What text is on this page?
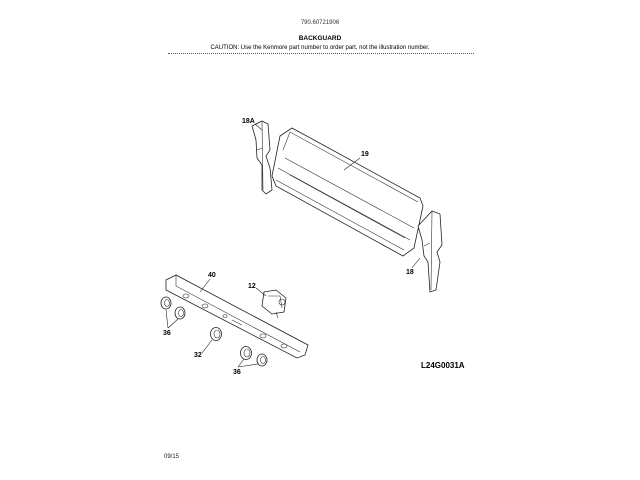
790.60721906
BACKGUARD
CAUTION: Use the Kenmore part number to order part, not the illustration number.
18A
19
18
40
12
36
32
36
L24G0031A
09/15
